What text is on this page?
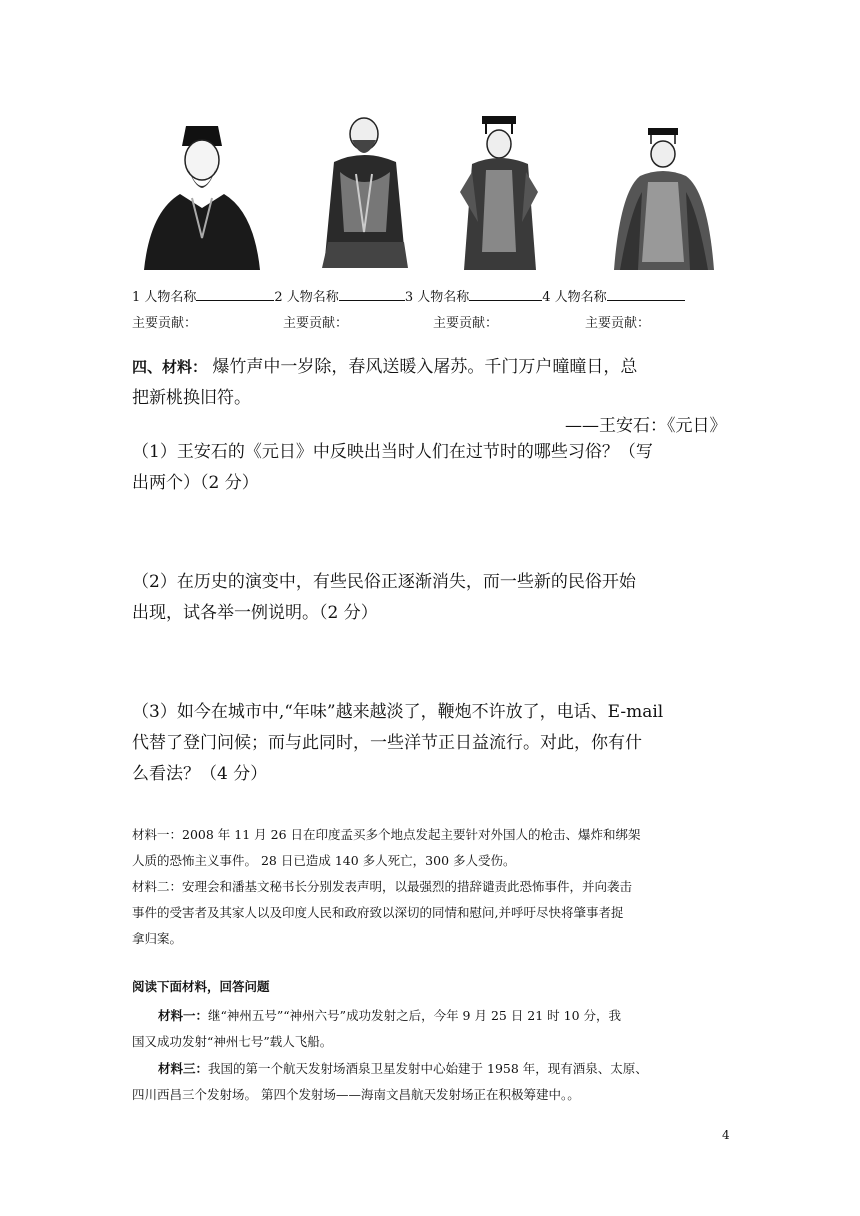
1 人物名称	2 人物名称	3 人物名称	4 人物名称
主要贡献：	主要贡献：	主要贡献：	主要贡献：
四、材料： 爆竹声中一岁除，春风送暖入屠苏。千门万户曈曈日，总
把新桃换旧符。
——王安石：《元日》
（1）王安石的《元日》中反映出当时人们在过节时的哪些习俗？（写
出两个）（2 分）
（2）在历史的演变中，有些民俗正逐渐消失，而一些新的民俗开始
出现，试各举一例说明。（2 分）
（3）如今在城市中,“年味”越来越淡了，鞭炮不许放了，电话、E-mail
代替了登门问候；而与此同时，一些洋节正日益流行。对此，你有什
么看法？（4 分）
材料一：2008 年 11 月 26 日在印度孟买多个地点发起主要针对外国人的枪击、爆炸和绑架
人质的恐怖主义事件。 28 日已造成 140 多人死亡，300 多人受伤。
材料二：安理会和潘基文秘书长分别发表声明，以最强烈的措辞谴责此恐怖事件，并向袭击
事件的受害者及其家人以及印度人民和政府致以深切的同情和慰问,并呼吁尽快将肇事者捉
拿归案。
阅读下面材料，回答问题
材料一：继“神州五号”“神州六号”成功发射之后，今年 9 月 25 日 21 时 10 分，我
国又成功发射“神州七号”载人飞船。
材料三：我国的第一个航天发射场酒泉卫星发射中心始建于 1958 年，现有酒泉、太原、
四川西昌三个发射场。 第四个发射场——海南文昌航天发射场正在积极筹建中。。
4
